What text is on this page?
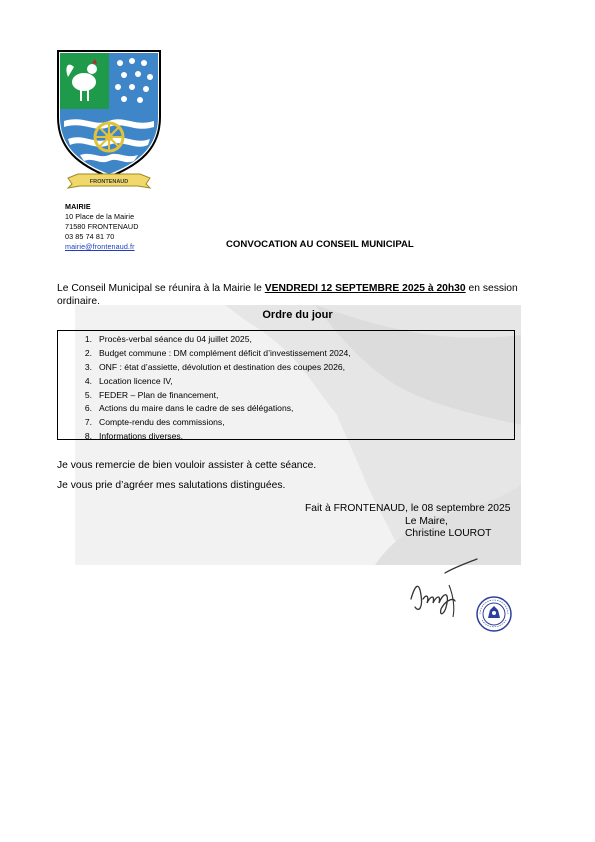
FRONTENAUD
MAIRIE
10 Place de la Mairie
71580 FRONTENAUD
03 85 74 81 70
mairie@frontenaud.fr	CONVOCATION AU CONSEIL MUNICIPAL
Le Conseil Municipal se réunira à la Mairie le VENDREDI 12 SEPTEMBRE 2025 à 20h30 en session ordinaire.
Ordre du jour
1. Procès-verbal séance du 04 juillet 2025,
2. Budget commune : DM complément déficit d’investissement 2024,
3. ONF : état d’assiette, dévolution et destination des coupes 2026,
4. Location licence IV,
5. FEDER – Plan de financement,
6. Actions du maire dans le cadre de ses délégations,
7. Compte-rendu des commissions,
8. Informations diverses.
Je vous remercie de bien vouloir assister à cette séance.
Je vous prie d’agréer mes salutations distinguées.
Fait à FRONTENAUD, le 08 septembre 2025
Le Maire,
Christine LOUROT
